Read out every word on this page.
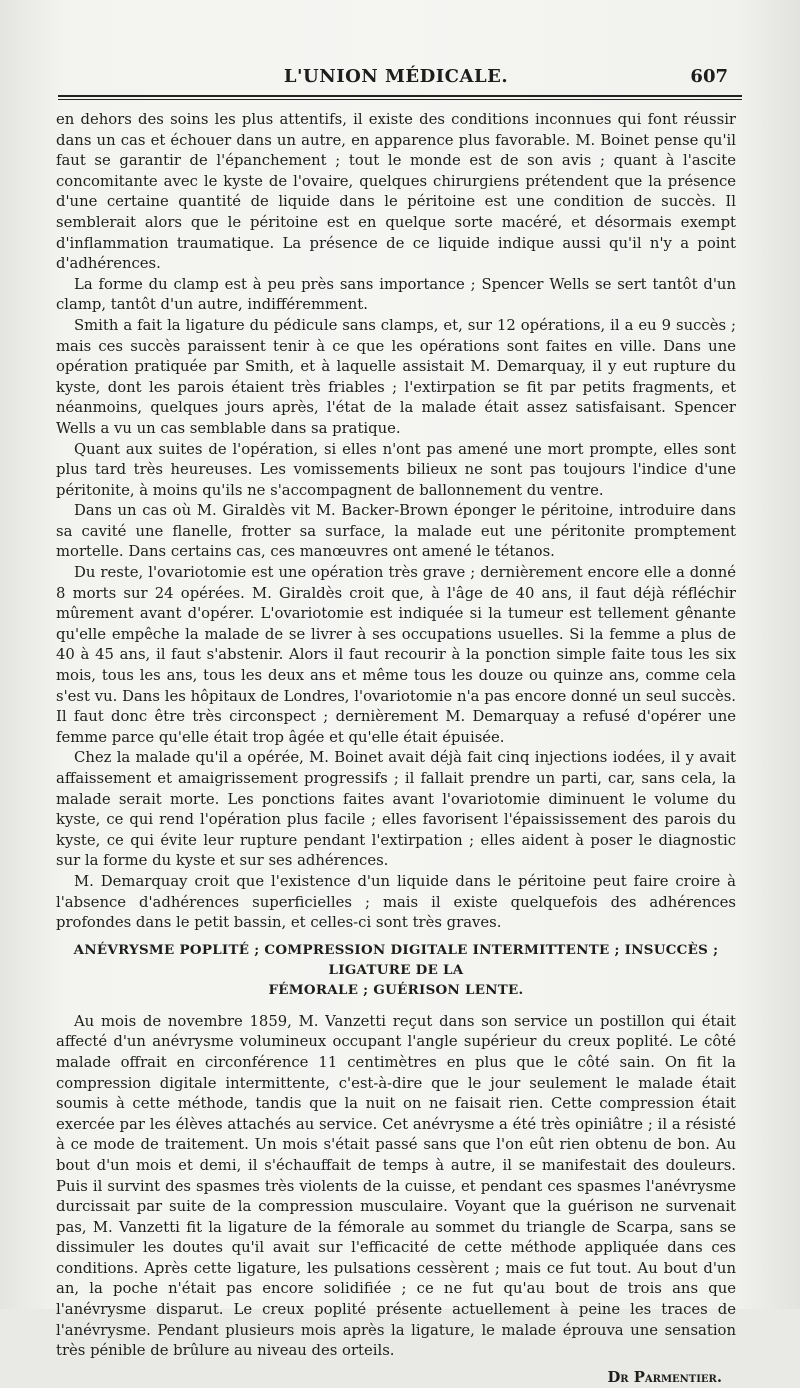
L'UNION MÉDICALE.	607

en dehors des soins les plus attentifs, il existe des conditions inconnues qui font réussir dans un cas et échouer dans un autre, en apparence plus favorable. M. Boinet pense qu'il faut se garantir de l'épanchement ; tout le monde est de son avis ; quant à l'ascite concomitante avec le kyste de l'ovaire, quelques chirurgiens prétendent que la présence d'une certaine quantité de liquide dans le péritoine est une condition de succès. Il semblerait alors que le péritoine est en quelque sorte macéré, et désormais exempt d'inflammation traumatique. La présence de ce liquide indique aussi qu'il n'y a point d'adhérences.

La forme du clamp est à peu près sans importance ; Spencer Wells se sert tantôt d'un clamp, tantôt d'un autre, indifféremment.

Smith a fait la ligature du pédicule sans clamps, et, sur 12 opérations, il a eu 9 succès ; mais ces succès paraissent tenir à ce que les opérations sont faites en ville. Dans une opération pratiquée par Smith, et à laquelle assistait M. Demarquay, il y eut rupture du kyste, dont les parois étaient très friables ; l'extirpation se fit par petits fragments, et néanmoins, quelques jours après, l'état de la malade était assez satisfaisant. Spencer Wells a vu un cas semblable dans sa pratique.

Quant aux suites de l'opération, si elles n'ont pas amené une mort prompte, elles sont plus tard très heureuses. Les vomissements bilieux ne sont pas toujours l'indice d'une péritonite, à moins qu'ils ne s'accompagnent de ballonnement du ventre.

Dans un cas où M. Giraldès vit M. Backer-Brown éponger le péritoine, introduire dans sa cavité une flanelle, frotter sa surface, la malade eut une péritonite promptement mortelle. Dans certains cas, ces manœuvres ont amené le tétanos.

Du reste, l'ovariotomie est une opération très grave ; dernièrement encore elle a donné 8 morts sur 24 opérées. M. Giraldès croit que, à l'âge de 40 ans, il faut déjà réfléchir mûrement avant d'opérer. L'ovariotomie est indiquée si la tumeur est tellement gênante qu'elle empêche la malade de se livrer à ses occupations usuelles. Si la femme a plus de 40 à 45 ans, il faut s'abstenir. Alors il faut recourir à la ponction simple faite tous les six mois, tous les ans, tous les deux ans et même tous les douze ou quinze ans, comme cela s'est vu. Dans les hôpitaux de Londres, l'ovariotomie n'a pas encore donné un seul succès. Il faut donc être très circonspect ; dernièrement M. Demarquay a refusé d'opérer une femme parce qu'elle était trop âgée et qu'elle était épuisée.

Chez la malade qu'il a opérée, M. Boinet avait déjà fait cinq injections iodées, il y avait affaissement et amaigrissement progressifs ; il fallait prendre un parti, car, sans cela, la malade serait morte. Les ponctions faites avant l'ovariotomie diminuent le volume du kyste, ce qui rend l'opération plus facile ; elles favorisent l'épaississement des parois du kyste, ce qui évite leur rupture pendant l'extirpation ; elles aident à poser le diagnostic sur la forme du kyste et sur ses adhérences.

M. Demarquay croit que l'existence d'un liquide dans le péritoine peut faire croire à l'absence d'adhérences superficielles ; mais il existe quelquefois des adhérences profondes dans le petit bassin, et celles-ci sont très graves.

ANÉVRYSME POPLITÉ ; COMPRESSION DIGITALE INTERMITTENTE ; INSUCCÈS ; LIGATURE DE LA
FÉMORALE ; GUÉRISON LENTE.

Au mois de novembre 1859, M. Vanzetti reçut dans son service un postillon qui était affecté d'un anévrysme volumineux occupant l'angle supérieur du creux poplité. Le côté malade offrait en circonférence 11 centimètres en plus que le côté sain. On fit la compression digitale intermittente, c'est-à-dire que le jour seulement le malade était soumis à cette méthode, tandis que la nuit on ne faisait rien. Cette compression était exercée par les élèves attachés au service. Cet anévrysme a été très opiniâtre ; il a résisté à ce mode de traitement. Un mois s'était passé sans que l'on eût rien obtenu de bon. Au bout d'un mois et demi, il s'échauffait de temps à autre, il se manifestait des douleurs. Puis il survint des spasmes très violents de la cuisse, et pendant ces spasmes l'anévrysme durcissait par suite de la compression musculaire. Voyant que la guérison ne survenait pas, M. Vanzetti fit la ligature de la fémorale au sommet du triangle de Scarpa, sans se dissimuler les doutes qu'il avait sur l'efficacité de cette méthode appliquée dans ces conditions. Après cette ligature, les pulsations cessèrent ; mais ce fut tout. Au bout d'un an, la poche n'était pas encore solidifiée ; ce ne fut qu'au bout de trois ans que l'anévrysme disparut. Le creux poplité présente actuellement à peine les traces de l'anévrysme. Pendant plusieurs mois après la ligature, le malade éprouva une sensation très pénible de brûlure au niveau des orteils.

Dr Parmentier.
